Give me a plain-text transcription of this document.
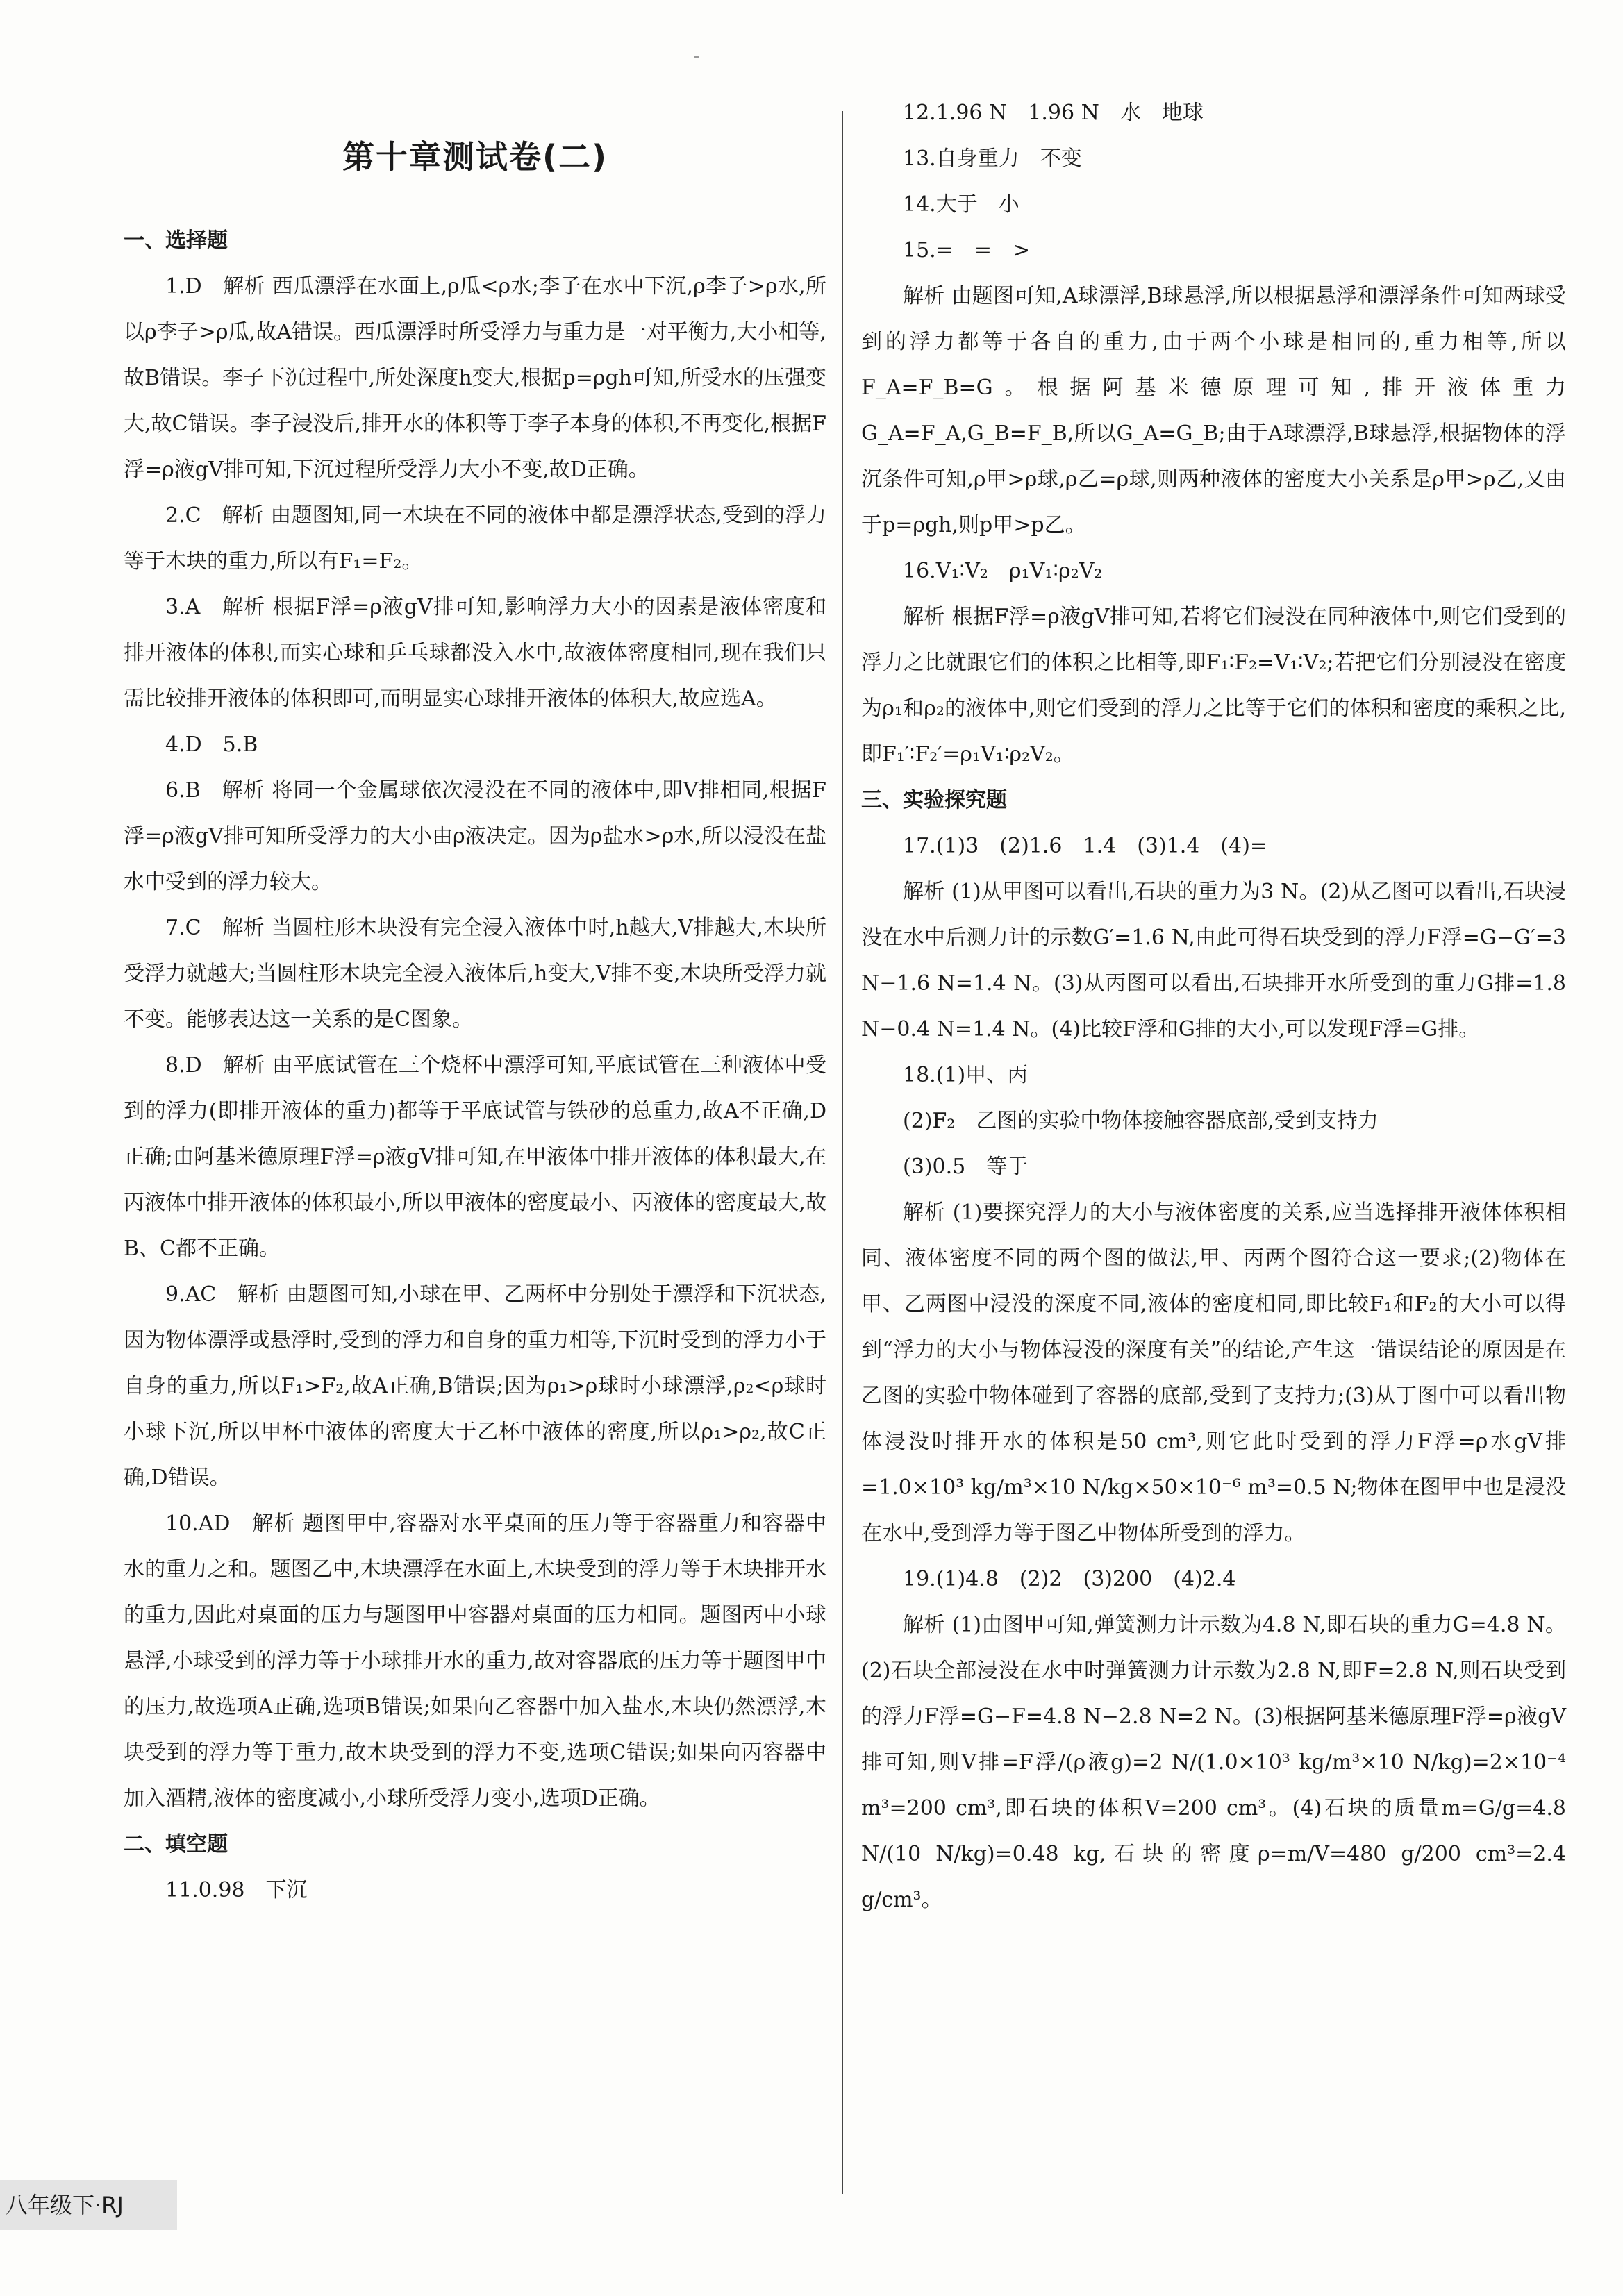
第十章测试卷(二)
一、选择题

1.D　解析 西瓜漂浮在水面上,ρ瓜<ρ水;李子在水中下沉,ρ李子>ρ水,所以ρ李子>ρ瓜,故A错误。西瓜漂浮时所受浮力与重力是一对平衡力,大小相等,故B错误。李子下沉过程中,所处深度h变大,根据p=ρgh可知,所受水的压强变大,故C错误。李子浸没后,排开水的体积等于李子本身的体积,不再变化,根据F浮=ρ液gV排可知,下沉过程所受浮力大小不变,故D正确。

2.C　解析 由题图知,同一木块在不同的液体中都是漂浮状态,受到的浮力等于木块的重力,所以有F₁=F₂。

3.A　解析 根据F浮=ρ液gV排可知,影响浮力大小的因素是液体密度和排开液体的体积,而实心球和乒乓球都没入水中,故液体密度相同,现在我们只需比较排开液体的体积即可,而明显实心球排开液体的体积大,故应选A。

4.D　5.B

6.B　解析 将同一个金属球依次浸没在不同的液体中,即V排相同,根据F浮=ρ液gV排可知所受浮力的大小由ρ液决定。因为ρ盐水>ρ水,所以浸没在盐水中受到的浮力较大。

7.C　解析 当圆柱形木块没有完全浸入液体中时,h越大,V排越大,木块所受浮力就越大;当圆柱形木块完全浸入液体后,h变大,V排不变,木块所受浮力就不变。能够表达这一关系的是C图象。

8.D　解析 由平底试管在三个烧杯中漂浮可知,平底试管在三种液体中受到的浮力(即排开液体的重力)都等于平底试管与铁砂的总重力,故A不正确,D正确;由阿基米德原理F浮=ρ液gV排可知,在甲液体中排开液体的体积最大,在丙液体中排开液体的体积最小,所以甲液体的密度最小、丙液体的密度最大,故B、C都不正确。

9.AC　解析 由题图可知,小球在甲、乙两杯中分别处于漂浮和下沉状态,因为物体漂浮或悬浮时,受到的浮力和自身的重力相等,下沉时受到的浮力小于自身的重力,所以F₁>F₂,故A正确,B错误;因为ρ₁>ρ球时小球漂浮,ρ₂<ρ球时小球下沉,所以甲杯中液体的密度大于乙杯中液体的密度,所以ρ₁>ρ₂,故C正确,D错误。

10.AD　解析 题图甲中,容器对水平桌面的压力等于容器重力和容器中水的重力之和。题图乙中,木块漂浮在水面上,木块受到的浮力等于木块排开水的重力,因此对桌面的压力与题图甲中容器对桌面的压力相同。题图丙中小球悬浮,小球受到的浮力等于小球排开水的重力,故对容器底的压力等于题图甲中的压力,故选项A正确,选项B错误;如果向乙容器中加入盐水,木块仍然漂浮,木块受到的浮力等于重力,故木块受到的浮力不变,选项C错误;如果向丙容器中加入酒精,液体的密度减小,小球所受浮力变小,选项D正确。

二、填空题

11.0.98　下沉

12.1.96 N　1.96 N　水　地球

13.自身重力　不变

14.大于　小

15.=　=　>

解析 由题图可知,A球漂浮,B球悬浮,所以根据悬浮和漂浮条件可知两球受到的浮力都等于各自的重力,由于两个小球是相同的,重力相等,所以F_A=F_B=G。根据阿基米德原理可知,排开液体重力G_A=F_A,G_B=F_B,所以G_A=G_B;由于A球漂浮,B球悬浮,根据物体的浮沉条件可知,ρ甲>ρ球,ρ乙=ρ球,则两种液体的密度大小关系是ρ甲>ρ乙,又由于p=ρgh,则p甲>p乙。

16.V₁∶V₂　ρ₁V₁∶ρ₂V₂

解析 根据F浮=ρ液gV排可知,若将它们浸没在同种液体中,则它们受到的浮力之比就跟它们的体积之比相等,即F₁∶F₂=V₁∶V₂;若把它们分别浸没在密度为ρ₁和ρ₂的液体中,则它们受到的浮力之比等于它们的体积和密度的乘积之比,即F₁′∶F₂′=ρ₁V₁∶ρ₂V₂。

三、实验探究题

17.(1)3　(2)1.6　1.4　(3)1.4　(4)=

解析 (1)从甲图可以看出,石块的重力为3 N。(2)从乙图可以看出,石块浸没在水中后测力计的示数G′=1.6 N,由此可得石块受到的浮力F浮=G−G′=3 N−1.6 N=1.4 N。(3)从丙图可以看出,石块排开水所受到的重力G排=1.8 N−0.4 N=1.4 N。(4)比较F浮和G排的大小,可以发现F浮=G排。

18.(1)甲、丙

(2)F₂　乙图的实验中物体接触容器底部,受到支持力

(3)0.5　等于

解析 (1)要探究浮力的大小与液体密度的关系,应当选择排开液体体积相同、液体密度不同的两个图的做法,甲、丙两个图符合这一要求;(2)物体在甲、乙两图中浸没的深度不同,液体的密度相同,即比较F₁和F₂的大小可以得到“浮力的大小与物体浸没的深度有关”的结论,产生这一错误结论的原因是在乙图的实验中物体碰到了容器的底部,受到了支持力;(3)从丁图中可以看出物体浸没时排开水的体积是50 cm³,则它此时受到的浮力F浮=ρ水gV排=1.0×10³ kg/m³×10 N/kg×50×10⁻⁶ m³=0.5 N;物体在图甲中也是浸没在水中,受到浮力等于图乙中物体所受到的浮力。

19.(1)4.8　(2)2　(3)200　(4)2.4

解析 (1)由图甲可知,弹簧测力计示数为4.8 N,即石块的重力G=4.8 N。(2)石块全部浸没在水中时弹簧测力计示数为2.8 N,即F=2.8 N,则石块受到的浮力F浮=G−F=4.8 N−2.8 N=2 N。(3)根据阿基米德原理F浮=ρ液gV排可知,则V排=F浮/(ρ液g)=2 N/(1.0×10³ kg/m³×10 N/kg)=2×10⁻⁴ m³=200 cm³,即石块的体积V=200 cm³。(4)石块的质量m=G/g=4.8 N/(10 N/kg)=0.48 kg,石块的密度ρ=m/V=480 g/200 cm³=2.4 g/cm³。

八年级下·RJ
